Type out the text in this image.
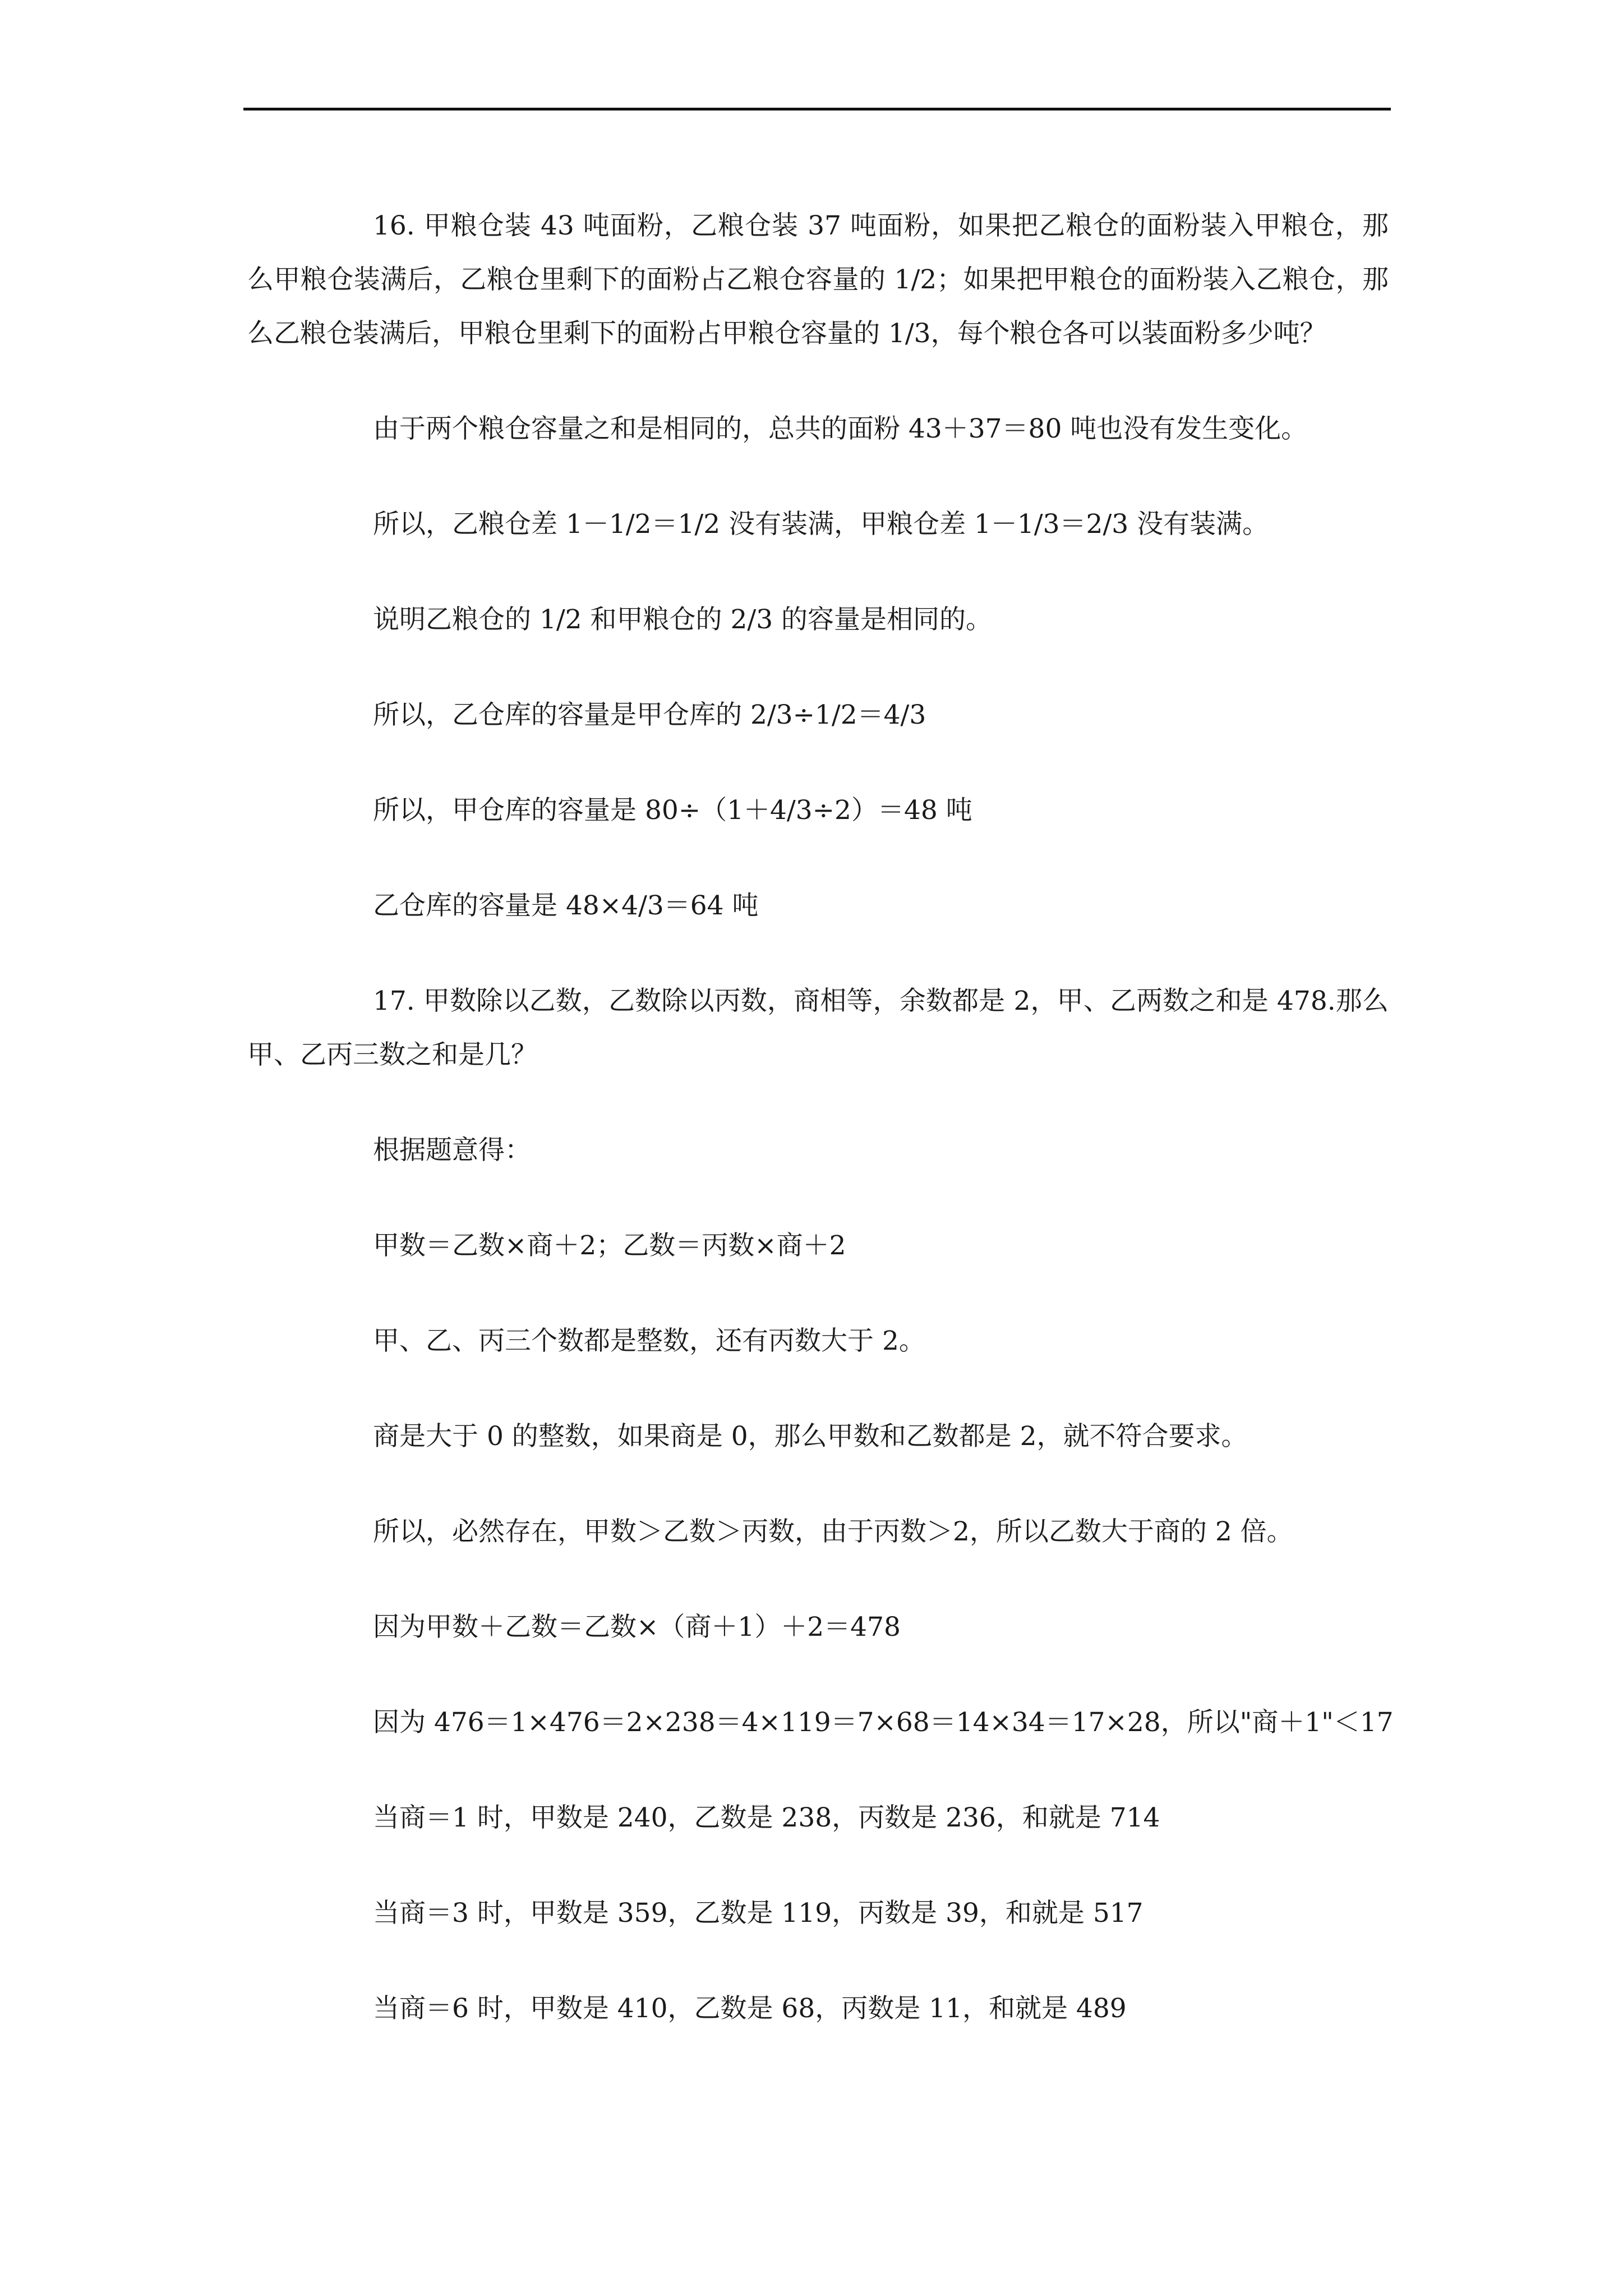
16. 甲粮仓装 43 吨面粉，乙粮仓装 37 吨面粉，如果把乙粮仓的面粉装入甲粮仓，那么甲粮仓装满后，乙粮仓里剩下的面粉占乙粮仓容量的 1/2；如果把甲粮仓的面粉装入乙粮仓，那么乙粮仓装满后，甲粮仓里剩下的面粉占甲粮仓容量的 1/3，每个粮仓各可以装面粉多少吨？

由于两个粮仓容量之和是相同的，总共的面粉 43＋37＝80 吨也没有发生变化。

所以，乙粮仓差 1－1/2＝1/2 没有装满，甲粮仓差 1－1/3＝2/3 没有装满。

说明乙粮仓的 1/2 和甲粮仓的 2/3 的容量是相同的。

所以，乙仓库的容量是甲仓库的 2/3÷1/2＝4/3

所以，甲仓库的容量是 80÷（1＋4/3÷2）＝48 吨

乙仓库的容量是 48×4/3＝64 吨

17. 甲数除以乙数，乙数除以丙数，商相等，余数都是 2，甲、乙两数之和是 478.那么甲、乙丙三数之和是几？

根据题意得：

甲数＝乙数×商＋2；乙数＝丙数×商＋2

甲、乙、丙三个数都是整数，还有丙数大于 2。

商是大于 0 的整数，如果商是 0，那么甲数和乙数都是 2，就不符合要求。

所以，必然存在，甲数＞乙数＞丙数，由于丙数＞2，所以乙数大于商的 2 倍。

因为甲数＋乙数＝乙数×（商＋1）＋2＝478

因为 476＝1×476＝2×238＝4×119＝7×68＝14×34＝17×28，所以"商＋1"＜17

当商＝1 时，甲数是 240，乙数是 238，丙数是 236，和就是 714

当商＝3 时，甲数是 359，乙数是 119，丙数是 39，和就是 517

当商＝6 时，甲数是 410，乙数是 68，丙数是 11，和就是 489
